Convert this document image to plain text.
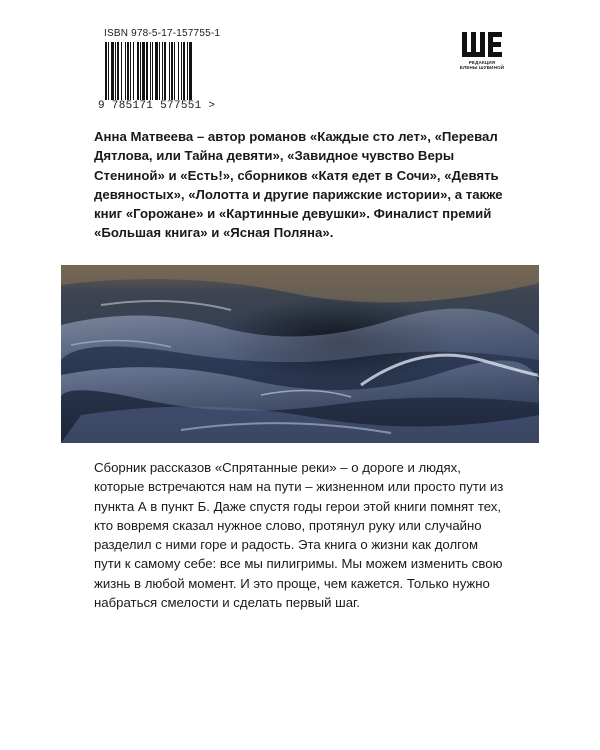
ISBN 978-5-17-157755-1
9 785171 577551 >
РЕДАКЦИЯ
ЕЛЕНЫ ШУБИНОЙ

Анна Матвеева – автор романов «Каждые сто лет», «Перевал Дятлова, или Тайна девяти», «Завидное чувство Веры Стениной» и «Есть!», сборников «Катя едет в Сочи», «Девять девяностых», «Лолотта и другие парижские истории», а также книг «Горожане» и «Картинные девушки». Финалист премий «Большая книга» и «Ясная Поляна».

Сборник рассказов «Спрятанные реки» – о дороге и людях, которые встречаются нам на пути – жизненном или просто пути из пункта А в пункт Б. Даже спустя годы герои этой книги помнят тех, кто вовремя сказал нужное слово, протянул руку или случайно разделил с ними горе и радость. Эта книга о жизни как долгом пути к самому себе: все мы пилигримы. Мы можем изменить свою жизнь в любой момент. И это проще, чем кажется. Только нужно набраться смелости и сделать первый шаг.
